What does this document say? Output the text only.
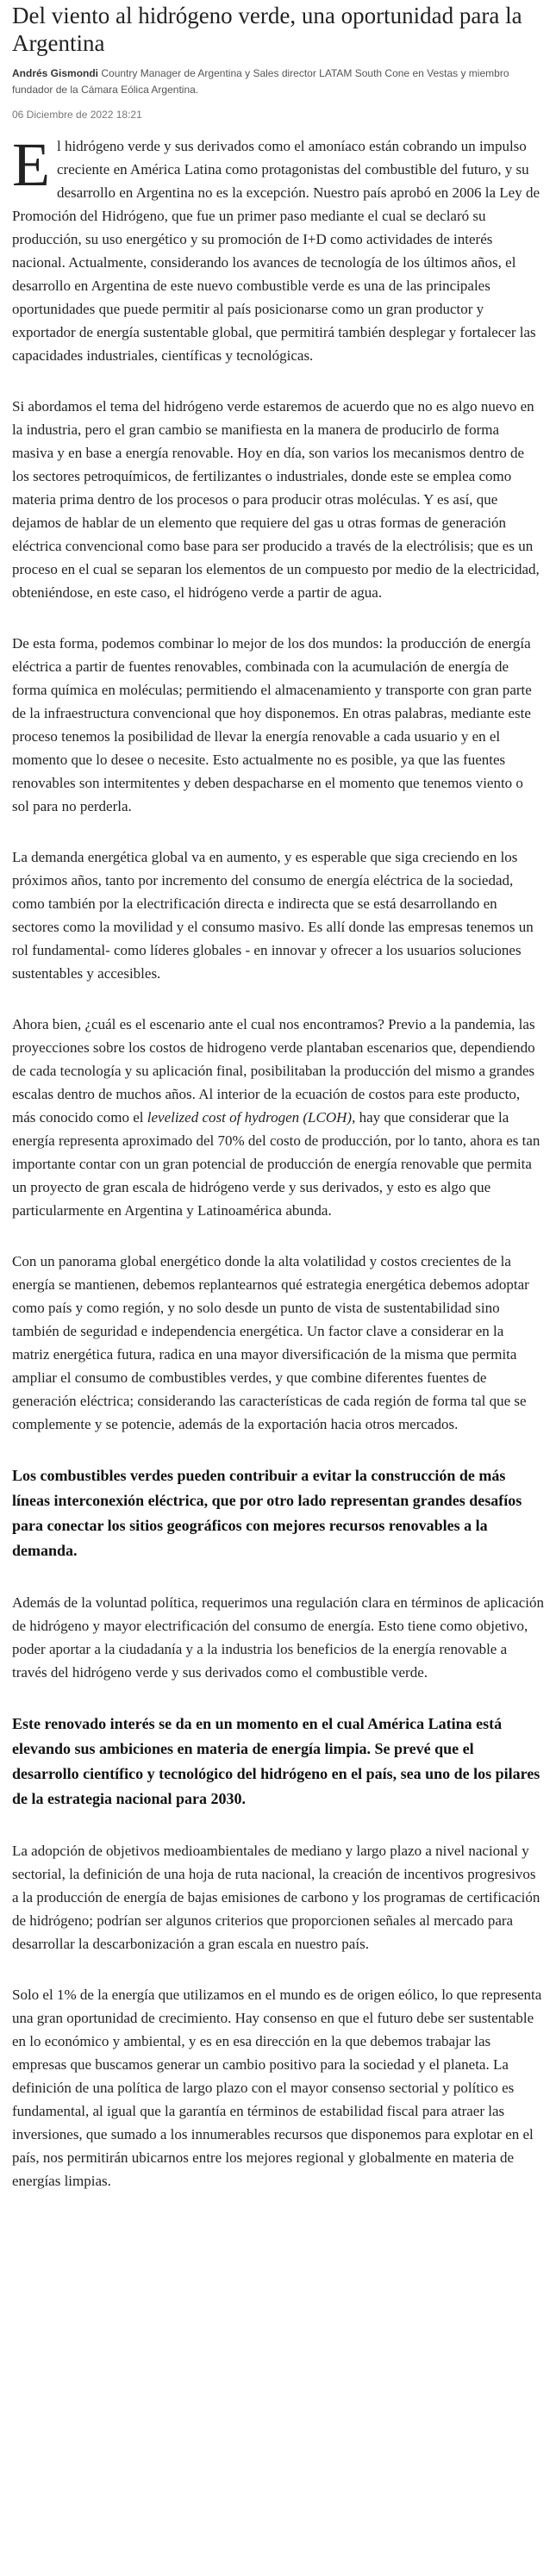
Del viento al hidrógeno verde, una oportunidad para la Argentina
Andrés Gismondi Country Manager de Argentina y Sales director LATAM South Cone en Vestas y miembro fundador de la Cámara Eólica Argentina.
06 Diciembre de 2022 18:21

El hidrógeno verde y sus derivados como el amoníaco están cobrando un impulso creciente en América Latina como protagonistas del combustible del futuro, y su desarrollo en Argentina no es la excepción. Nuestro país aprobó en 2006 la Ley de Promoción del Hidrógeno, que fue un primer paso mediante el cual se declaró su producción, su uso energético y su promoción de I+D como actividades de interés nacional. Actualmente, considerando los avances de tecnología de los últimos años, el desarrollo en Argentina de este nuevo combustible verde es una de las principales oportunidades que puede permitir al país posicionarse como un gran productor y exportador de energía sustentable global, que permitirá también desplegar y fortalecer las capacidades industriales, científicas y tecnológicas.

Si abordamos el tema del hidrógeno verde estaremos de acuerdo que no es algo nuevo en la industria, pero el gran cambio se manifiesta en la manera de producirlo de forma masiva y en base a energía renovable. Hoy en día, son varios los mecanismos dentro de los sectores petroquímicos, de fertilizantes o industriales, donde este se emplea como materia prima dentro de los procesos o para producir otras moléculas. Y es así, que dejamos de hablar de un elemento que requiere del gas u otras formas de generación eléctrica convencional como base para ser producido a través de la electrólisis; que es un proceso en el cual se separan los elementos de un compuesto por medio de la electricidad, obteniéndose, en este caso, el hidrógeno verde a partir de agua.

De esta forma, podemos combinar lo mejor de los dos mundos: la producción de energía eléctrica a partir de fuentes renovables, combinada con la acumulación de energía de forma química en moléculas; permitiendo el almacenamiento y transporte con gran parte de la infraestructura convencional que hoy disponemos. En otras palabras, mediante este proceso tenemos la posibilidad de llevar la energía renovable a cada usuario y en el momento que lo desee o necesite. Esto actualmente no es posible, ya que las fuentes renovables son intermitentes y deben despacharse en el momento que tenemos viento o sol para no perderla.

La demanda energética global va en aumento, y es esperable que siga creciendo en los próximos años, tanto por incremento del consumo de energía eléctrica de la sociedad, como también por la electrificación directa e indirecta que se está desarrollando en sectores como la movilidad y el consumo masivo. Es allí donde las empresas tenemos un rol fundamental- como líderes globales - en innovar y ofrecer a los usuarios soluciones sustentables y accesibles.

Ahora bien, ¿cuál es el escenario ante el cual nos encontramos? Previo a la pandemia, las proyecciones sobre los costos de hidrogeno verde plantaban escenarios que, dependiendo de cada tecnología y su aplicación final, posibilitaban la producción del mismo a grandes escalas dentro de muchos años. Al interior de la ecuación de costos para este producto, más conocido como el levelized cost of hydrogen (LCOH), hay que considerar que la energía representa aproximado del 70% del costo de producción, por lo tanto, ahora es tan importante contar con un gran potencial de producción de energía renovable que permita un proyecto de gran escala de hidrógeno verde y sus derivados, y esto es algo que particularmente en Argentina y Latinoamérica abunda.

Con un panorama global energético donde la alta volatilidad y costos crecientes de la energía se mantienen, debemos replantearnos qué estrategia energética debemos adoptar como país y como región, y no solo desde un punto de vista de sustentabilidad sino también de seguridad e independencia energética. Un factor clave a considerar en la matriz energética futura, radica en una mayor diversificación de la misma que permita ampliar el consumo de combustibles verdes, y que combine diferentes fuentes de generación eléctrica; considerando las características de cada región de forma tal que se complemente y se potencie, además de la exportación hacia otros mercados.

Los combustibles verdes pueden contribuir a evitar la construcción de más líneas interconexión eléctrica, que por otro lado representan grandes desafíos para conectar los sitios geográficos con mejores recursos renovables a la demanda.

Además de la voluntad política, requerimos una regulación clara en términos de aplicación de hidrógeno y mayor electrificación del consumo de energía. Esto tiene como objetivo, poder aportar a la ciudadanía y a la industria los beneficios de la energía renovable a través del hidrógeno verde y sus derivados como el combustible verde.

Este renovado interés se da en un momento en el cual América Latina está elevando sus ambiciones en materia de energía limpia. Se prevé que el desarrollo científico y tecnológico del hidrógeno en el país, sea uno de los pilares de la estrategia nacional para 2030.

La adopción de objetivos medioambientales de mediano y largo plazo a nivel nacional y sectorial, la definición de una hoja de ruta nacional, la creación de incentivos progresivos a la producción de energía de bajas emisiones de carbono y los programas de certificación de hidrógeno; podrían ser algunos criterios que proporcionen señales al mercado para desarrollar la descarbonización a gran escala en nuestro país.

Solo el 1% de la energía que utilizamos en el mundo es de origen eólico, lo que representa una gran oportunidad de crecimiento. Hay consenso en que el futuro debe ser sustentable en lo económico y ambiental, y es en esa dirección en la que debemos trabajar las empresas que buscamos generar un cambio positivo para la sociedad y el planeta. La definición de una política de largo plazo con el mayor consenso sectorial y político es fundamental, al igual que la garantía en términos de estabilidad fiscal para atraer las inversiones, que sumado a los innumerables recursos que disponemos para explotar en el país, nos permitirán ubicarnos entre los mejores regional y globalmente en materia de energías limpias.
